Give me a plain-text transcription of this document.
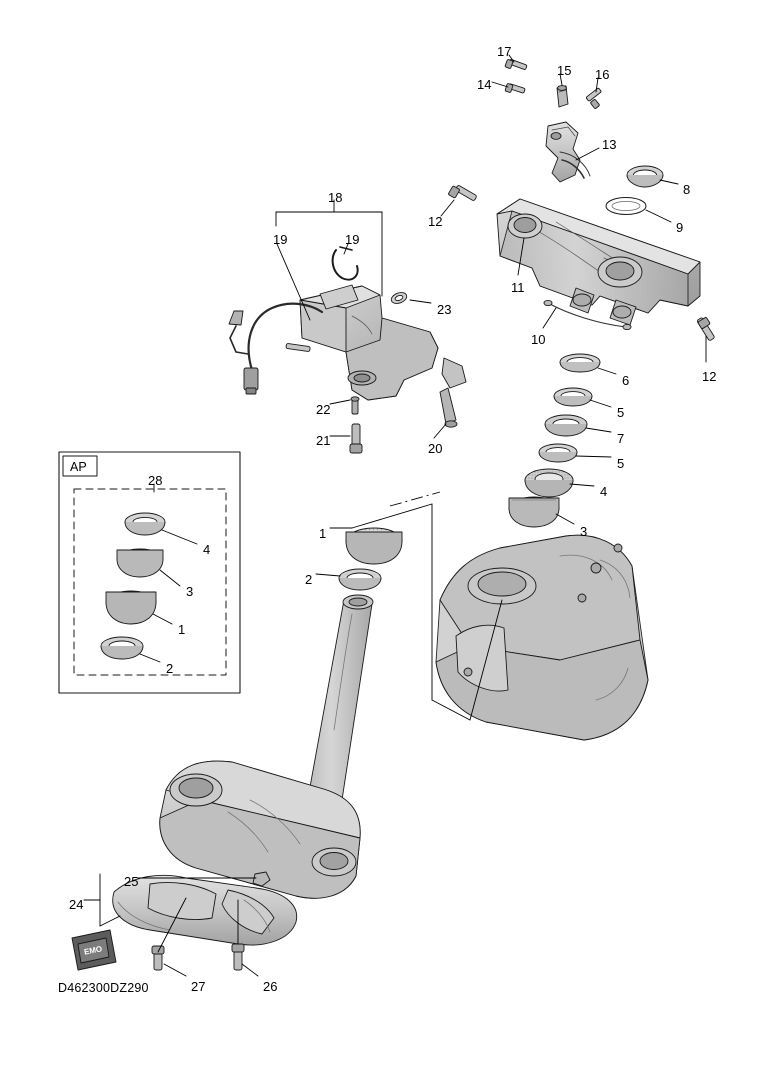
17
14
15 16
13
8
12	9
11
10
12
18
19	19
23
22
21
20
6
5
7
5
4
3
1
2
28
4
3
1
2
25
24
27	26
AP
EMO
D462300DZ290
